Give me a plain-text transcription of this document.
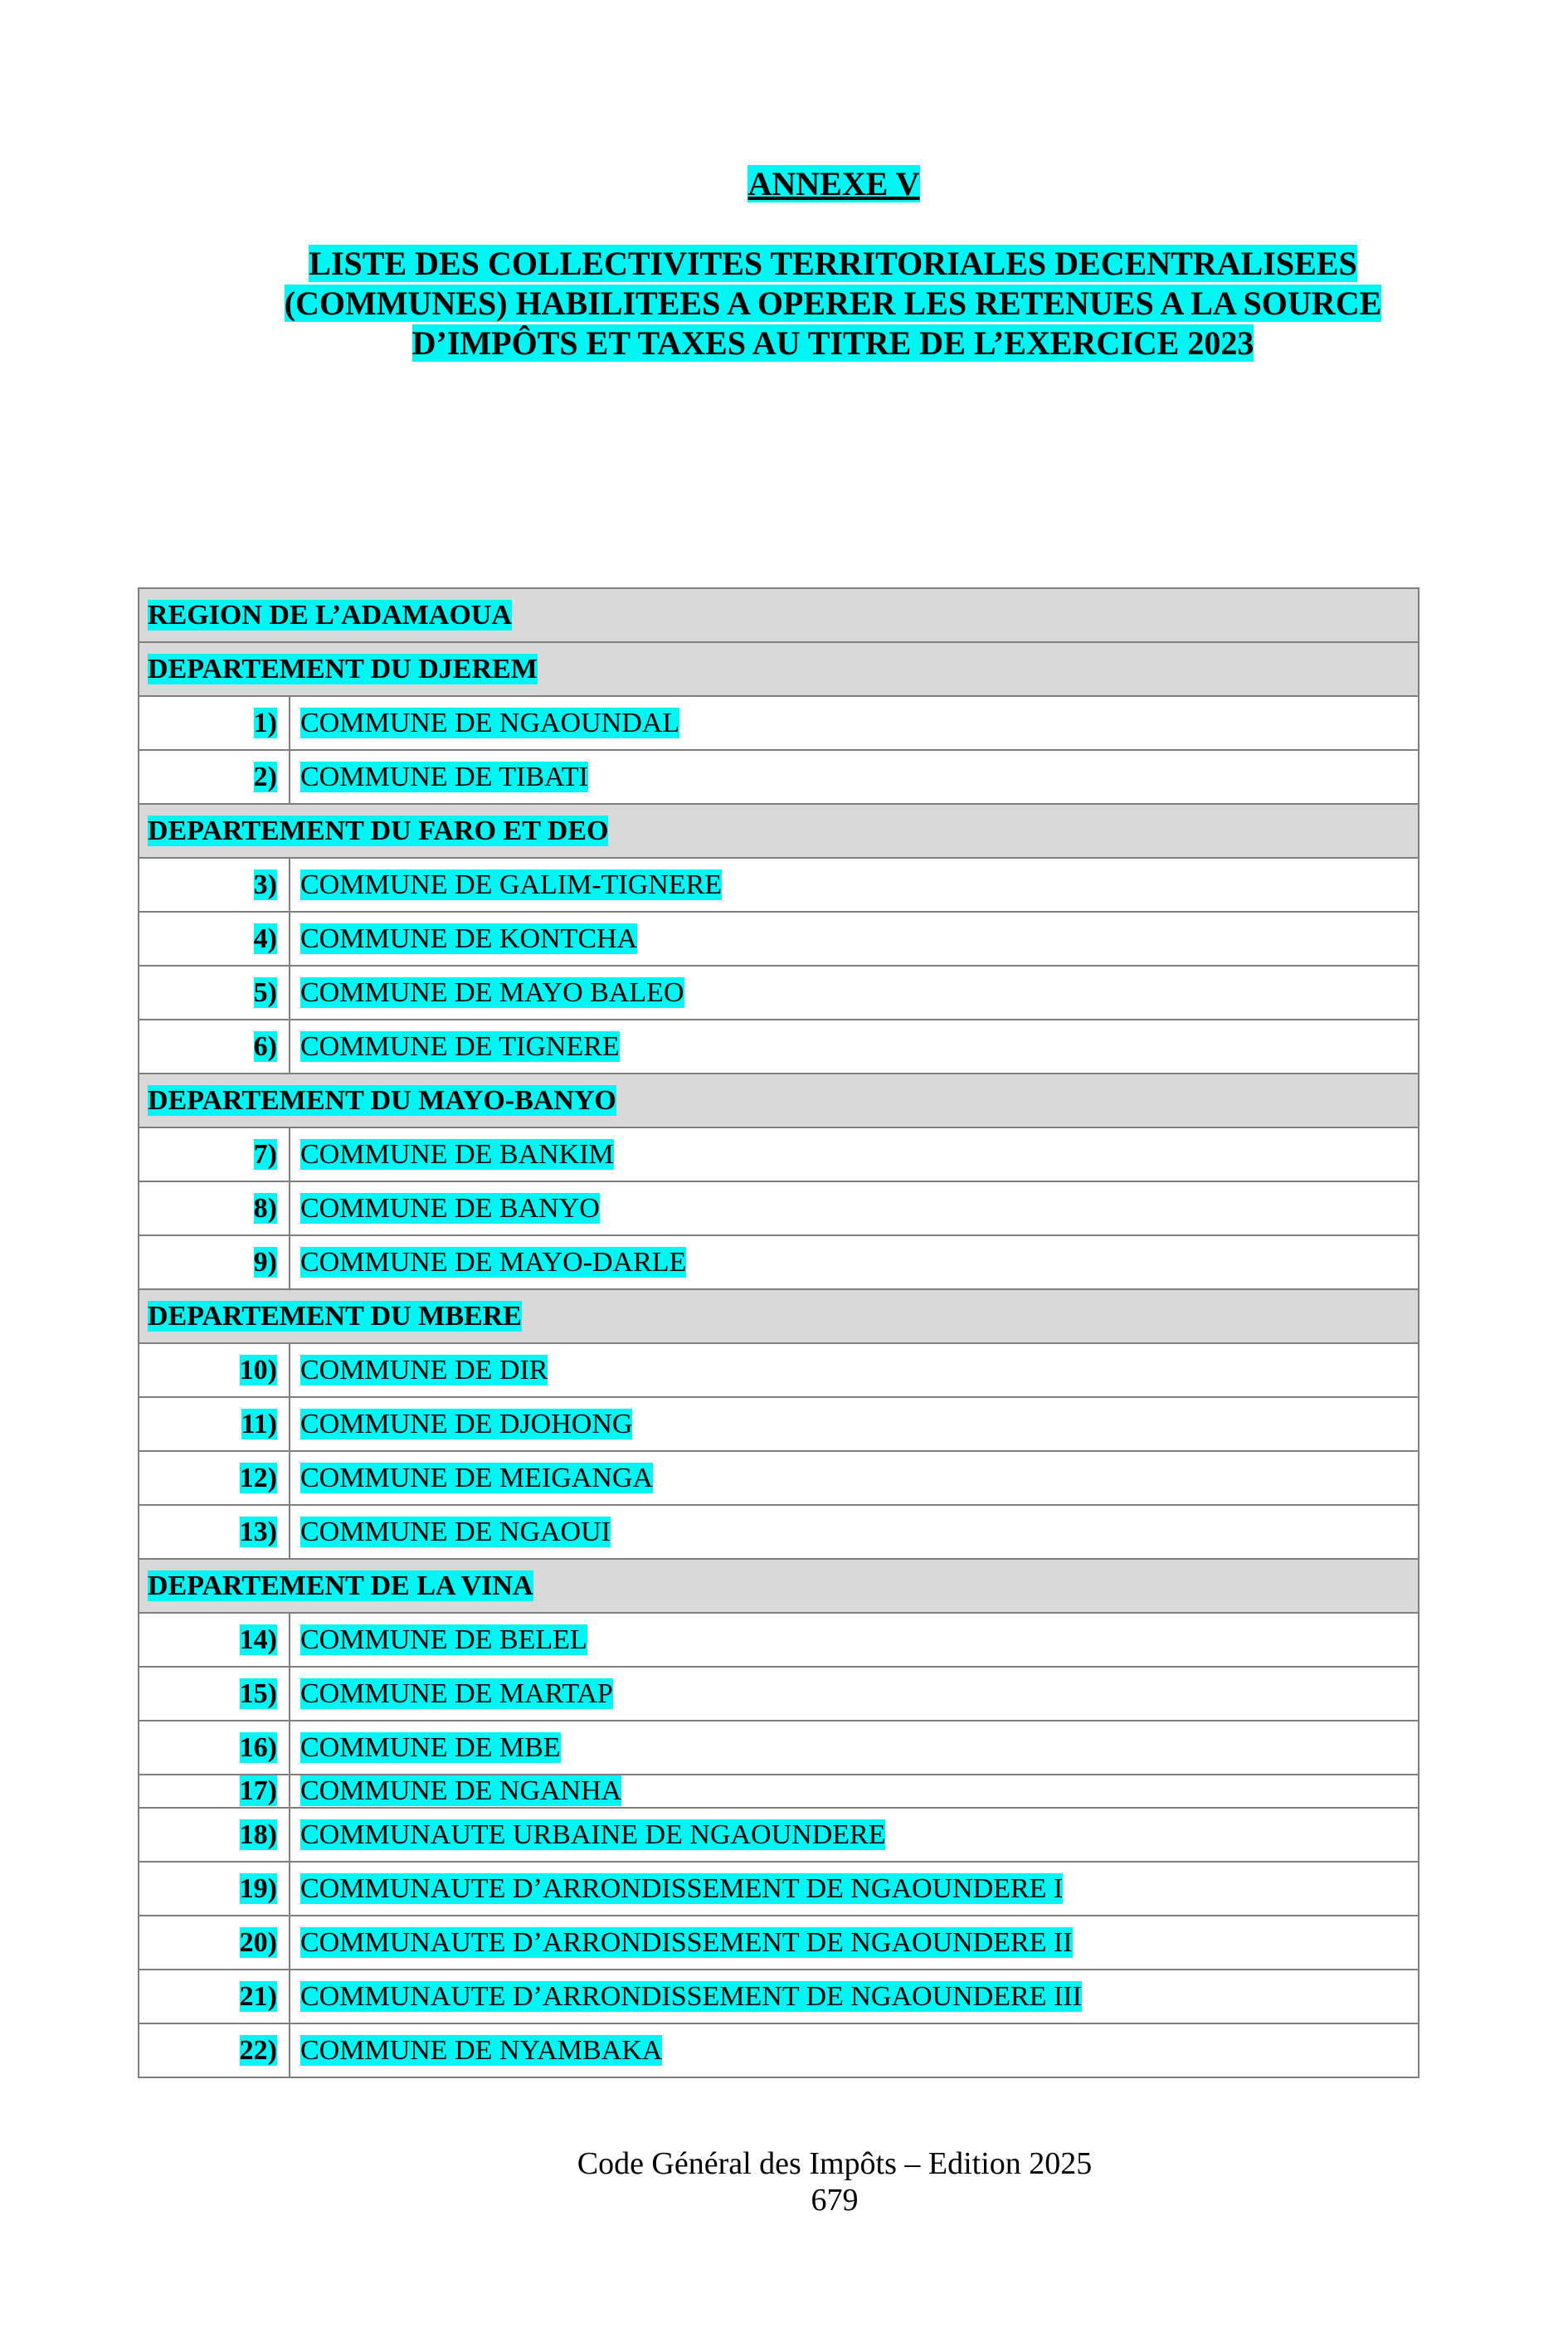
ANNEXE V
LISTE DES COLLECTIVITES TERRITORIALES DECENTRALISEES
(COMMUNES) HABILITEES A OPERER LES RETENUES A LA SOURCE
D’IMPÔTS ET TAXES AU TITRE DE L’EXERCICE 2023
REGION DE L’ADAMAOUA	
DEPARTEMENT DU DJEREM	
1)	COMMUNE DE NGAOUNDAL
2)	COMMUNE DE TIBATI
DEPARTEMENT DU FARO ET DEO	
3)	COMMUNE DE GALIM-TIGNERE
4)	COMMUNE DE KONTCHA
5)	COMMUNE DE MAYO BALEO
6)	COMMUNE DE TIGNERE
DEPARTEMENT DU MAYO-BANYO	
7)	COMMUNE DE BANKIM
8)	COMMUNE DE BANYO
9)	COMMUNE DE MAYO-DARLE
DEPARTEMENT DU MBERE	
10)	COMMUNE DE DIR
11)	COMMUNE DE DJOHONG
12)	COMMUNE DE MEIGANGA
13)	COMMUNE DE NGAOUI
DEPARTEMENT DE LA VINA	
14)	COMMUNE DE BELEL
15)	COMMUNE DE MARTAP
16)	COMMUNE DE MBE
17)	COMMUNE DE NGANHA
18)	COMMUNAUTE URBAINE DE NGAOUNDERE
19)	COMMUNAUTE D’ARRONDISSEMENT DE NGAOUNDERE I
20)	COMMUNAUTE D’ARRONDISSEMENT DE NGAOUNDERE II
21)	COMMUNAUTE D’ARRONDISSEMENT DE NGAOUNDERE III
22)	COMMUNE DE NYAMBAKA
Code Général des Impôts – Edition 2025
679
